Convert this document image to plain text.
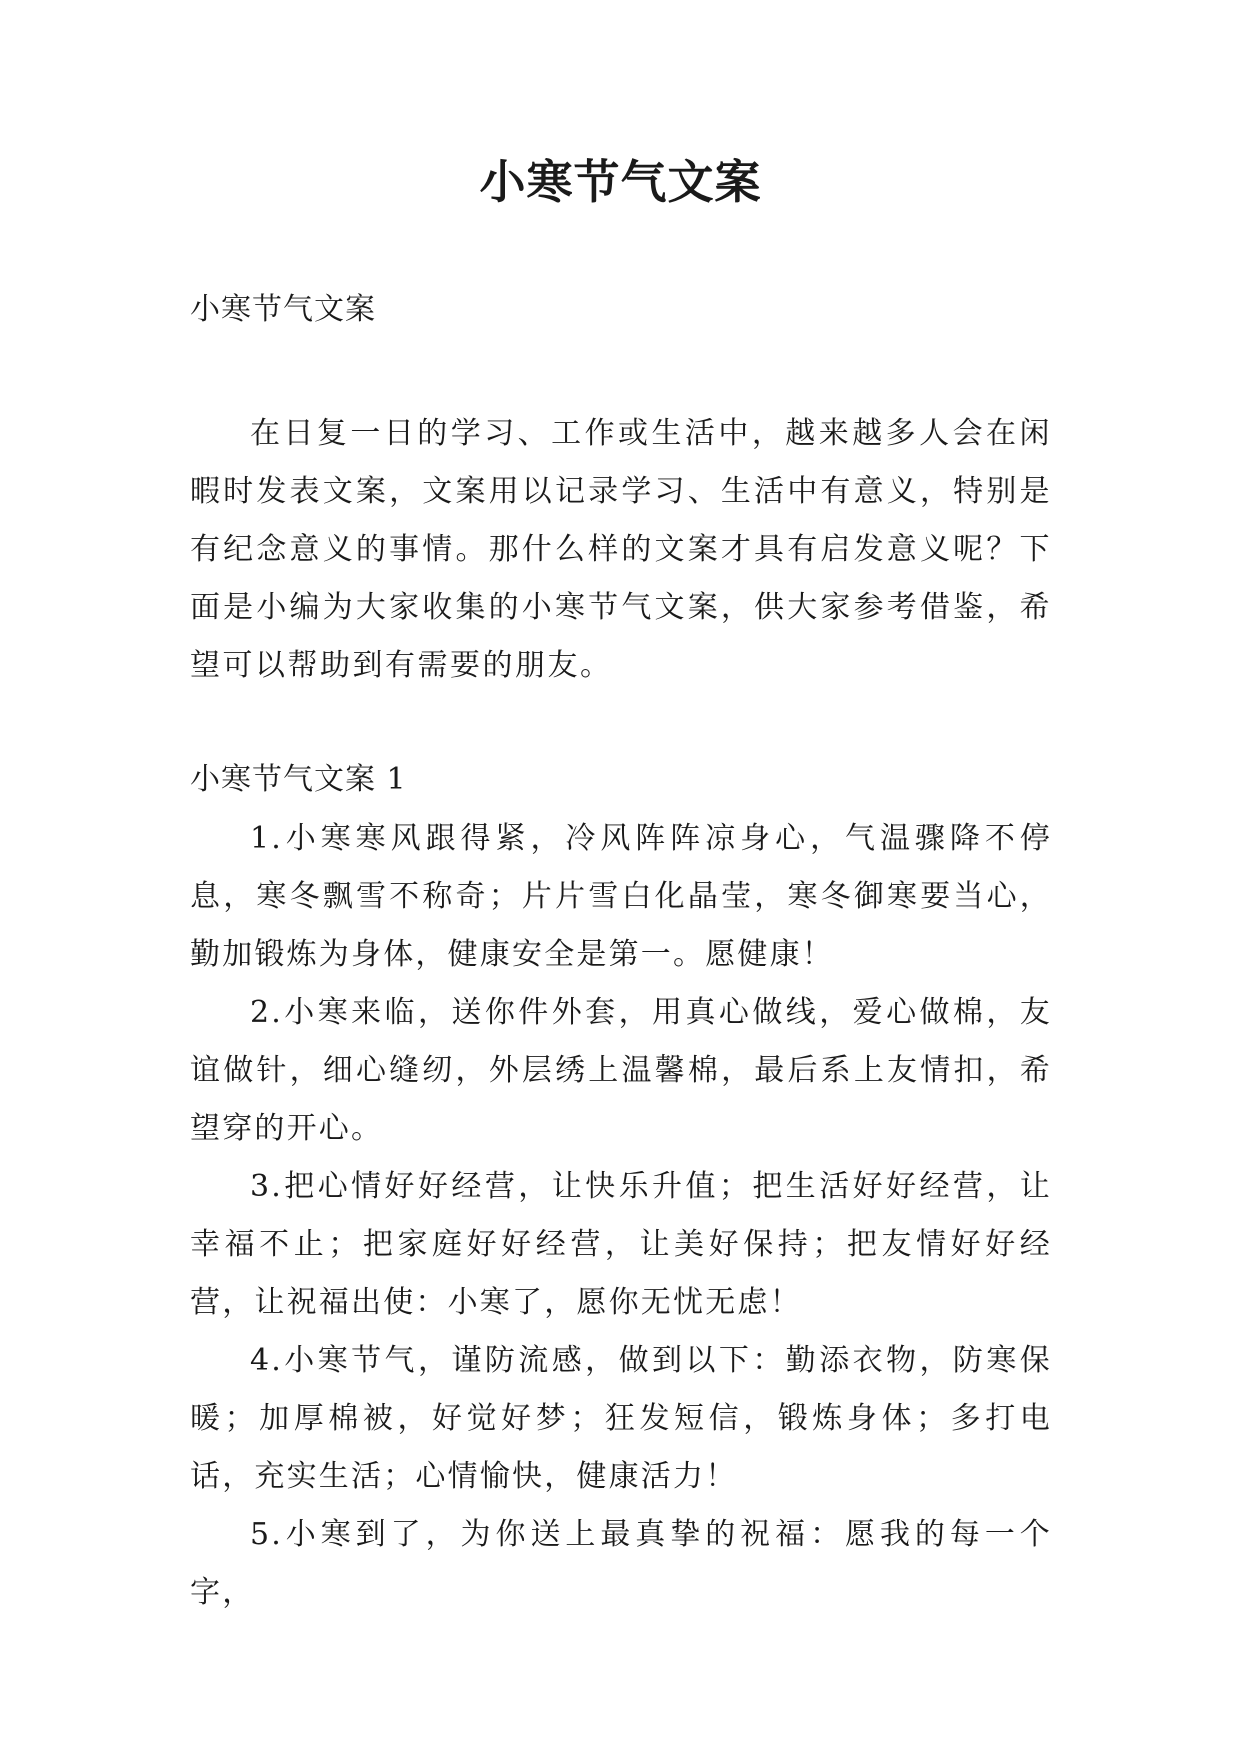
小寒节气文案

小寒节气文案

在日复一日的学习、工作或生活中，越来越多人会在闲暇时发表文案，文案用以记录学习、生活中有意义，特别是有纪念意义的事情。那什么样的文案才具有启发意义呢？下面是小编为大家收集的小寒节气文案，供大家参考借鉴，希望可以帮助到有需要的朋友。

小寒节气文案 1

1.小寒寒风跟得紧，冷风阵阵凉身心，气温骤降不停息，寒冬飘雪不称奇；片片雪白化晶莹，寒冬御寒要当心，勤加锻炼为身体，健康安全是第一。愿健康！
2.小寒来临，送你件外套，用真心做线，爱心做棉，友谊做针，细心缝纫，外层绣上温馨棉，最后系上友情扣，希望穿的开心。
3.把心情好好经营，让快乐升值；把生活好好经营，让幸福不止；把家庭好好经营，让美好保持；把友情好好经营，让祝福出使：小寒了，愿你无忧无虑！
4.小寒节气，谨防流感，做到以下：勤添衣物，防寒保暖；加厚棉被，好觉好梦；狂发短信，锻炼身体；多打电话，充实生活；心情愉快，健康活力！
5.小寒到了，为你送上最真挚的祝福：愿我的每一个字，
